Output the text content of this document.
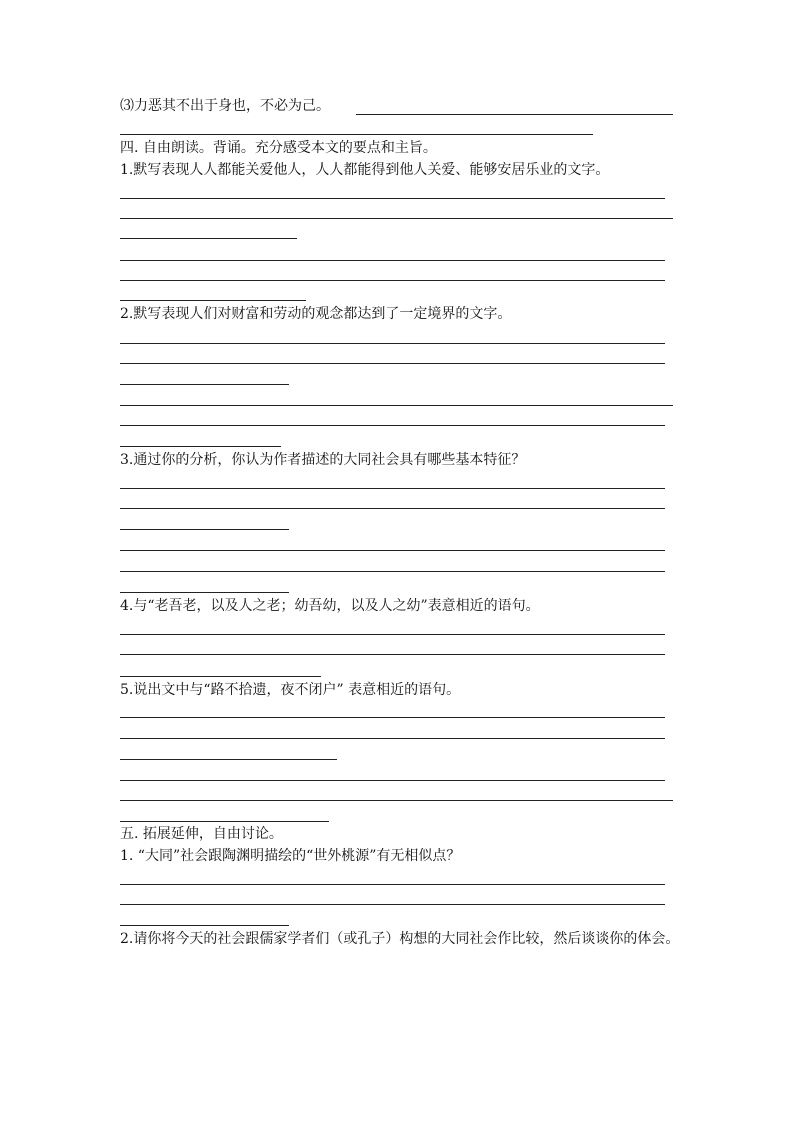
⑶力恶其不出于身也，不必为己。

四. 自由朗读。背诵。充分感受本文的要点和主旨。

1.默写表现人人都能关爱他人，人人都能得到他人关爱、能够安居乐业的文字。

2.默写表现人们对财富和劳动的观念都达到了一定境界的文字。

3.通过你的分析，你认为作者描述的大同社会具有哪些基本特征？

4.与“老吾老，以及人之老；幼吾幼，以及人之幼”表意相近的语句。

5.说出文中与“路不拾遗，夜不闭户” 表意相近的语句。

五. 拓展延伸，自由讨论。

1. “大同”社会跟陶渊明描绘的“世外桃源”有无相似点？

2.请你将今天的社会跟儒家学者们（或孔子）构想的大同社会作比较，然后谈谈你的体会。
